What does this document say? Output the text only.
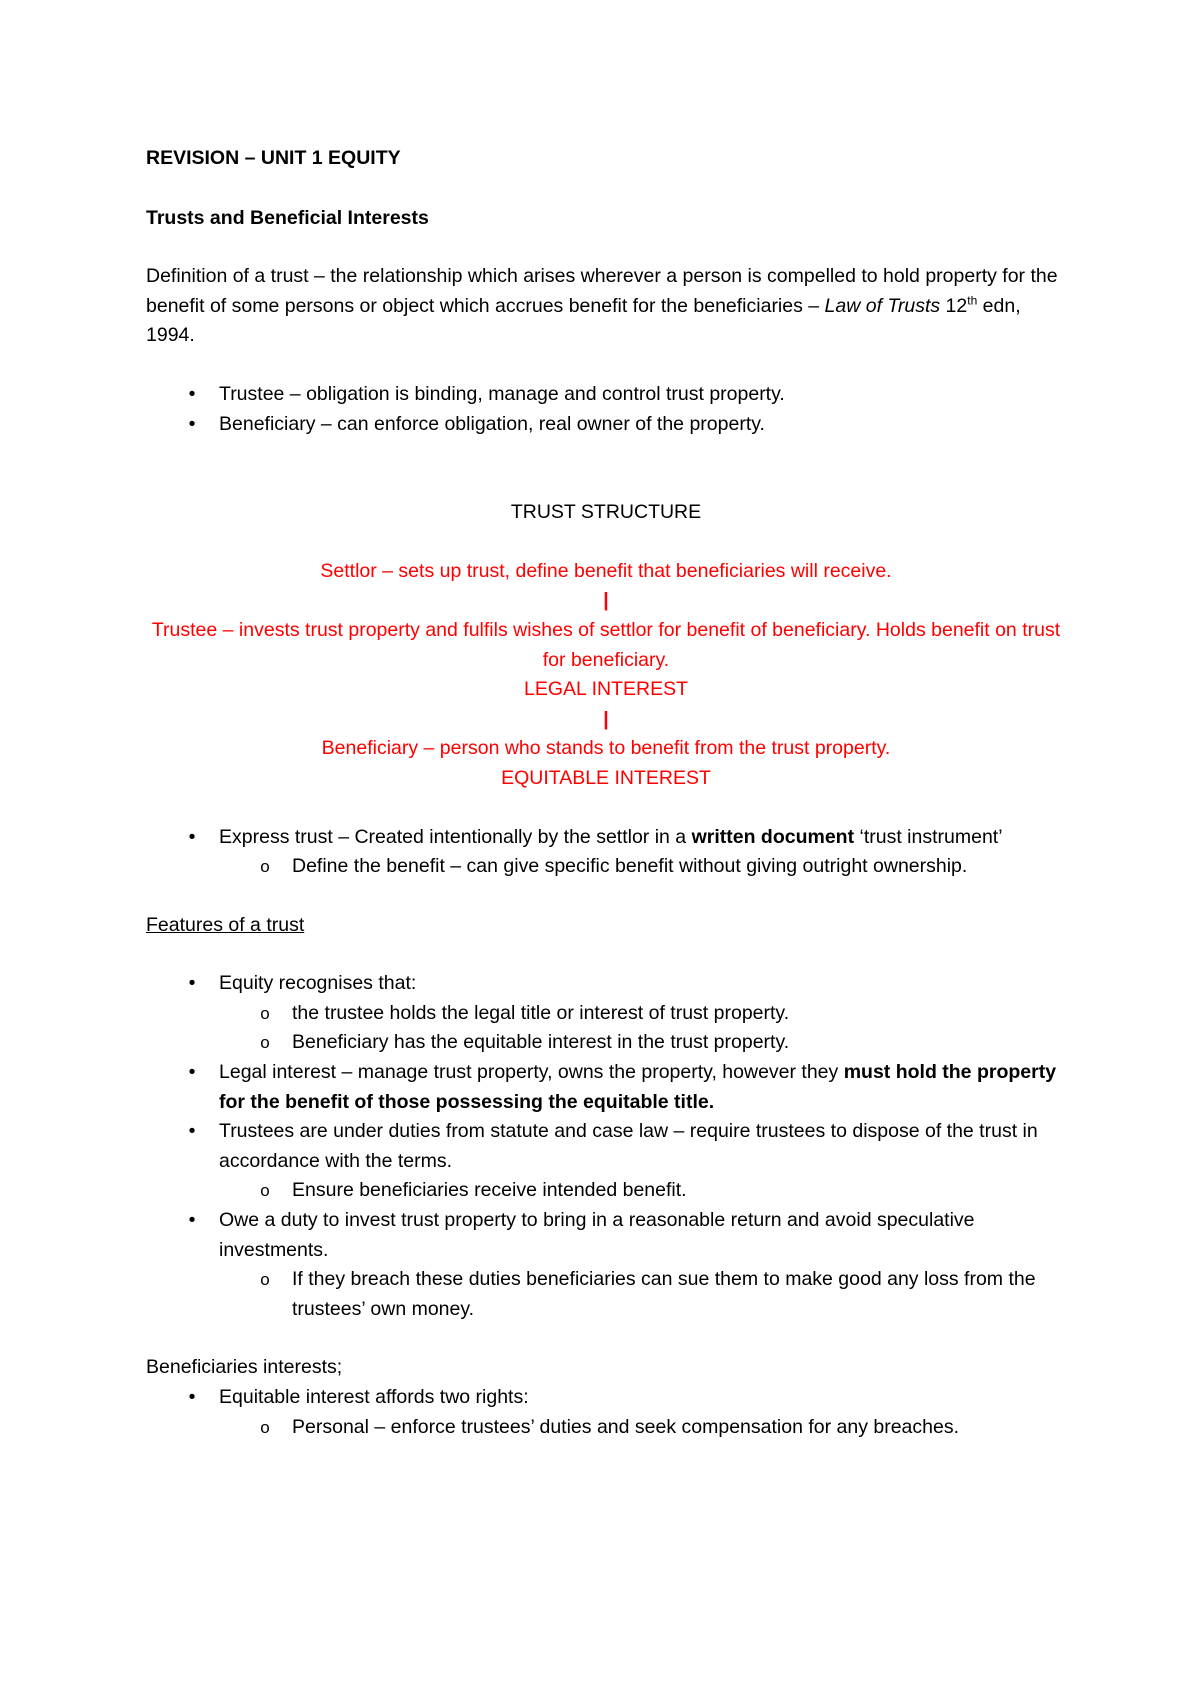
REVISION – UNIT 1 EQUITY

Trusts and Beneficial Interests

Definition of a trust – the relationship which arises wherever a person is compelled to hold property for the benefit of some persons or object which accrues benefit for the beneficiaries – Law of Trusts 12th edn, 1994.

•	Trustee – obligation is binding, manage and control trust property.
•	Beneficiary – can enforce obligation, real owner of the property.

TRUST STRUCTURE

Settlor – sets up trust, define benefit that beneficiaries will receive.

|

Trustee – invests trust property and fulfils wishes of settlor for benefit of beneficiary. Holds benefit on trust for beneficiary.

LEGAL INTEREST

|

Beneficiary – person who stands to benefit from the trust property.

EQUITABLE INTEREST

•	Express trust – Created intentionally by the settlor in a written document ‘trust instrument’
o Define the benefit – can give specific benefit without giving outright ownership.

Features of a trust

•	Equity recognises that:
o the trustee holds the legal title or interest of trust property.
o Beneficiary has the equitable interest in the trust property.
•	Legal interest – manage trust property, owns the property, however they must hold the property for the benefit of those possessing the equitable title.
•	Trustees are under duties from statute and case law – require trustees to dispose of the trust in accordance with the terms.
o Ensure beneficiaries receive intended benefit.
•	Owe a duty to invest trust property to bring in a reasonable return and avoid speculative investments.
o If they breach these duties beneficiaries can sue them to make good any loss from the trustees’ own money.

Beneficiaries interests;

•	Equitable interest affords two rights:
o Personal – enforce trustees’ duties and seek compensation for any breaches.
